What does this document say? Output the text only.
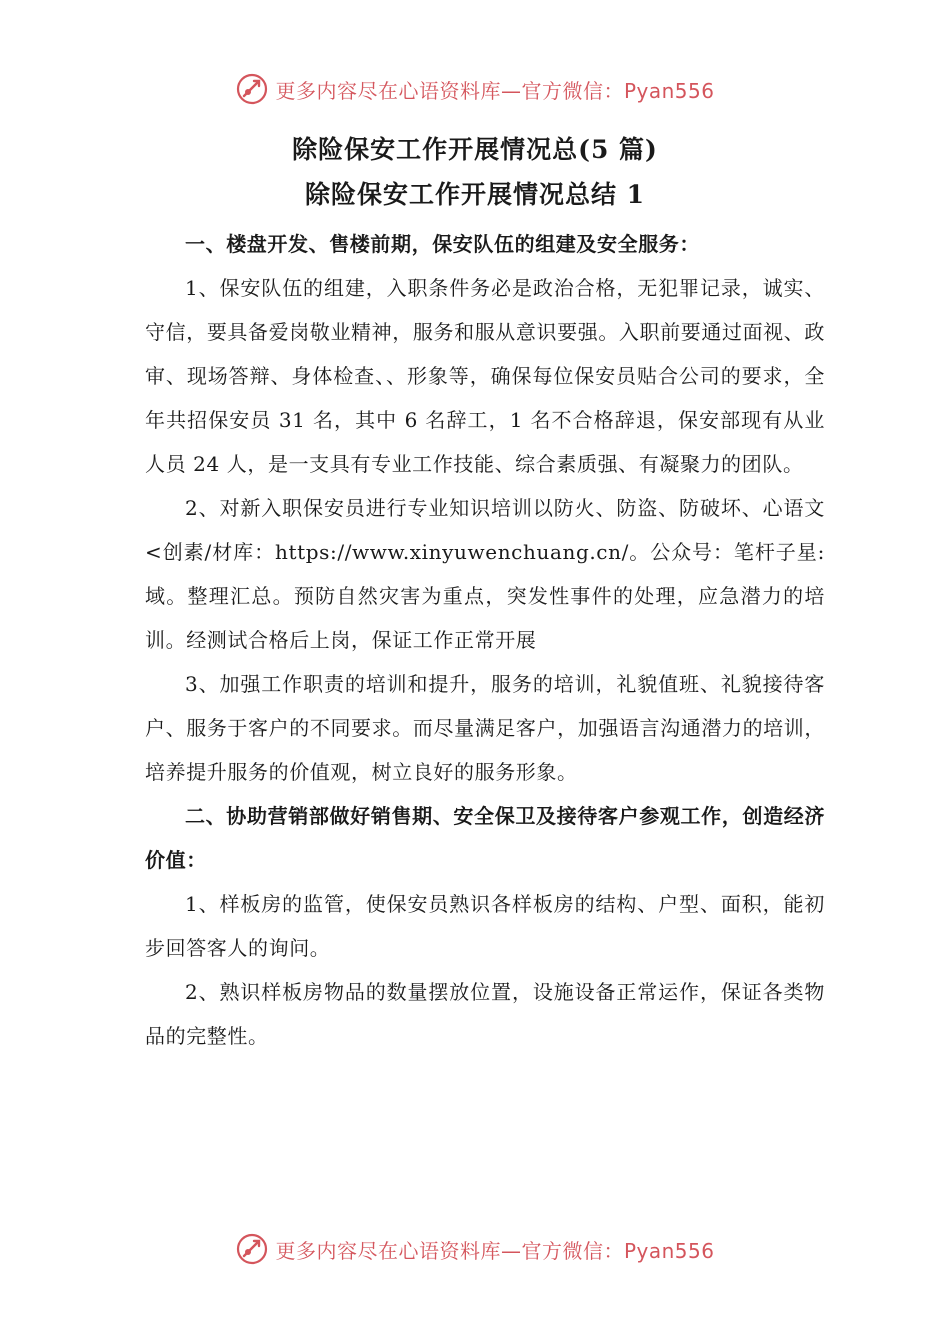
更多内容尽在心语资料库—官方微信：Pyan556
除险保安工作开展情况总(5 篇)
除险保安工作开展情况总结 1

一、楼盘开发、售楼前期，保安队伍的组建及安全服务：

1、保安队伍的组建，入职条件务必是政治合格，无犯罪记录，诚实、守信，要具备爱岗敬业精神，服务和服从意识要强。入职前要通过面视、政审、现场答辩、身体检查、、形象等，确保每位保安员贴合公司的要求，全年共招保安员 31 名，其中 6 名辞工，1 名不合格辞退，保安部现有从业人员 24 人，是一支具有专业工作技能、综合素质强、有凝聚力的团队。

2、对新入职保安员进行专业知识培训以防火、防盗、防破坏、心语文<创素/材库：https://www.xinyuwenchuang.cn/。公众号：笔杆子星:域。整理汇总。预防自然灾害为重点，突发性事件的处理，应急潜力的培训。经测试合格后上岗，保证工作正常开展

3、加强工作职责的培训和提升，服务的培训，礼貌值班、礼貌接待客户、服务于客户的不同要求。而尽量满足客户，加强语言沟通潜力的培训，培养提升服务的价值观，树立良好的服务形象。

二、协助营销部做好销售期、安全保卫及接待客户参观工作，创造经济价值：

1、样板房的监管，使保安员熟识各样板房的结构、户型、面积，能初步回答客人的询问。

2、熟识样板房物品的数量摆放位置，设施设备正常运作，保证各类物品的完整性。

更多内容尽在心语资料库—官方微信：Pyan556
